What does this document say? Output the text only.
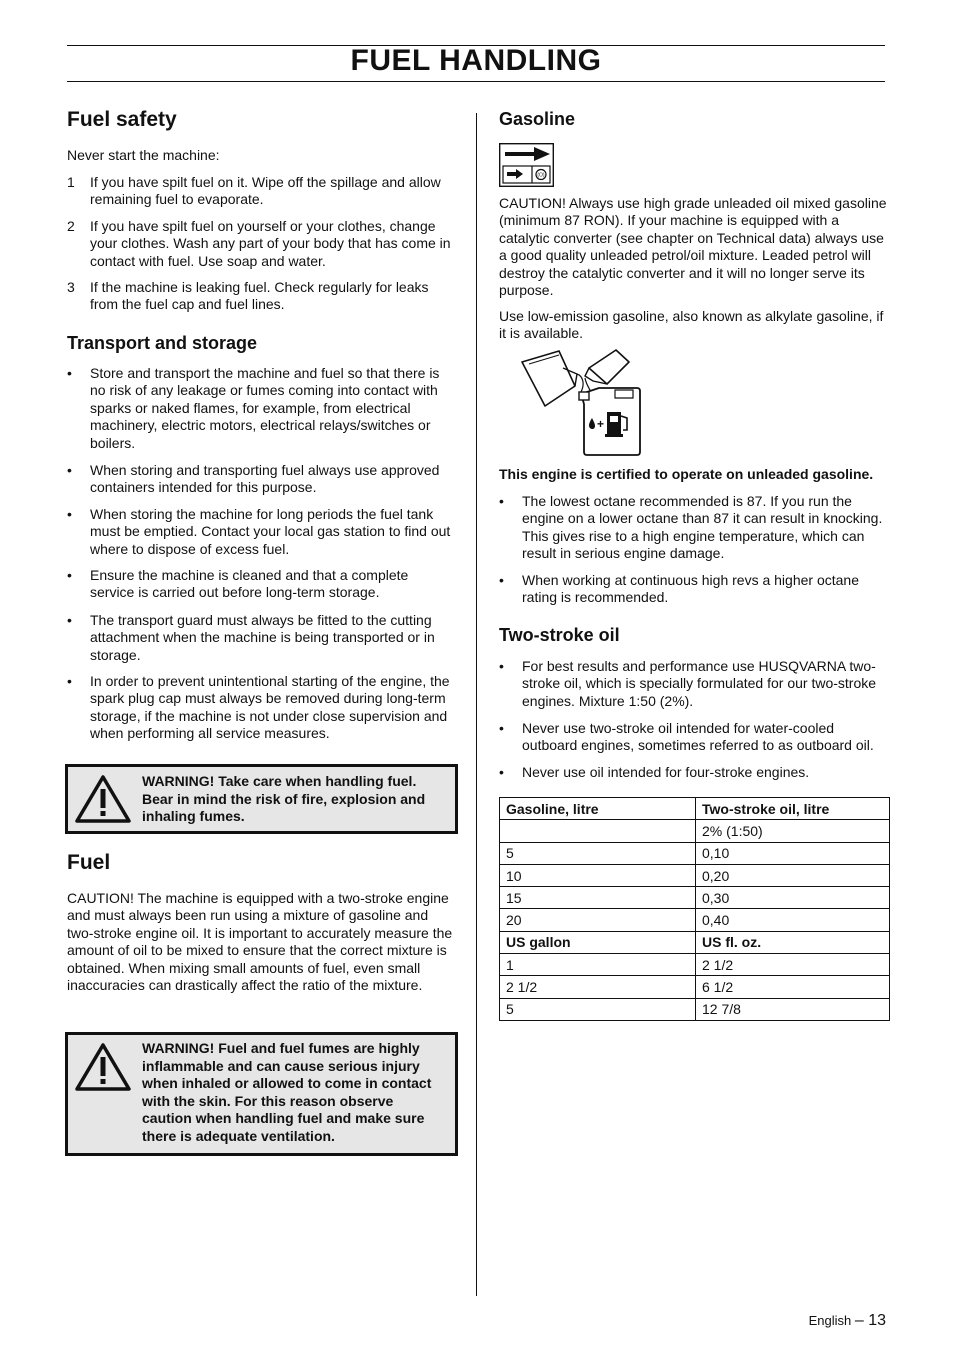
FUEL HANDLING
Fuel safety

Never start the machine:

1 If you have spilt fuel on it. Wipe off the spillage and allow remaining fuel to evaporate.
2 If you have spilt fuel on yourself or your clothes, change your clothes. Wash any part of your body that has come in contact with fuel. Use soap and water.
3 If the machine is leaking fuel. Check regularly for leaks from the fuel cap and fuel lines.
Transport and storage
• Store and transport the machine and fuel so that there is no risk of any leakage or fumes coming into contact with sparks or naked flames, for example, from electrical machinery, electric motors, electrical relays/switches or boilers.
• When storing and transporting fuel always use approved containers intended for this purpose.
• When storing the machine for long periods the fuel tank must be emptied. Contact your local gas station to find out where to dispose of excess fuel.
• Ensure the machine is cleaned and that a complete service is carried out before long-term storage.
• The transport guard must always be fitted to the cutting attachment when the machine is being transported or in storage.
• In order to prevent unintentional starting of the engine, the spark plug cap must always be removed during long-term storage, if the machine is not under close supervision and when performing all service measures.
WARNING! Take care when handling fuel. Bear in mind the risk of fire, explosion and inhaling fumes.
Fuel

CAUTION! The machine is equipped with a two-stroke engine and must always been run using a mixture of gasoline and two-stroke engine oil. It is important to accurately measure the amount of oil to be mixed to ensure that the correct mixture is obtained. When mixing small amounts of fuel, even small inaccuracies can drastically affect the ratio of the mixture.

WARNING! Fuel and fuel fumes are highly inflammable and can cause serious injury when inhaled or allowed to come in contact with the skin. For this reason observe caution when handling fuel and make sure there is adequate ventilation.
Gasoline
(O)

CAUTION! Always use high grade unleaded oil mixed gasoline (minimum 87 RON). If your machine is equipped with a catalytic converter (see chapter on Technical data) always use a good quality unleaded petrol/oil mixture. Leaded petrol will destroy the catalytic converter and it will no longer serve its purpose.

Use low-emission gasoline, also known as alkylate gasoline, if it is available.

+

This engine is certified to operate on unleaded gasoline.

• The lowest octane recommended is 87. If you run the engine on a lower octane than 87 it can result in knocking. This gives rise to a high engine temperature, which can result in serious engine damage.
• When working at continuous high revs a higher octane rating is recommended.
Two-stroke oil
• For best results and performance use HUSQVARNA two-stroke oil, which is specially formulated for our two-stroke engines. Mixture 1:50 (2%).
• Never use two-stroke oil intended for water-cooled outboard engines, sometimes referred to as outboard oil.
• Never use oil intended for four-stroke engines.
Gasoline, litre	Two-stroke oil, litre
	2% (1:50)
5	0,10
10	0,20
15	0,30
20	0,40
US gallon	US fl. oz.
1	2 1/2
2 1/2	6 1/2
5	12 7/8
English – 13
